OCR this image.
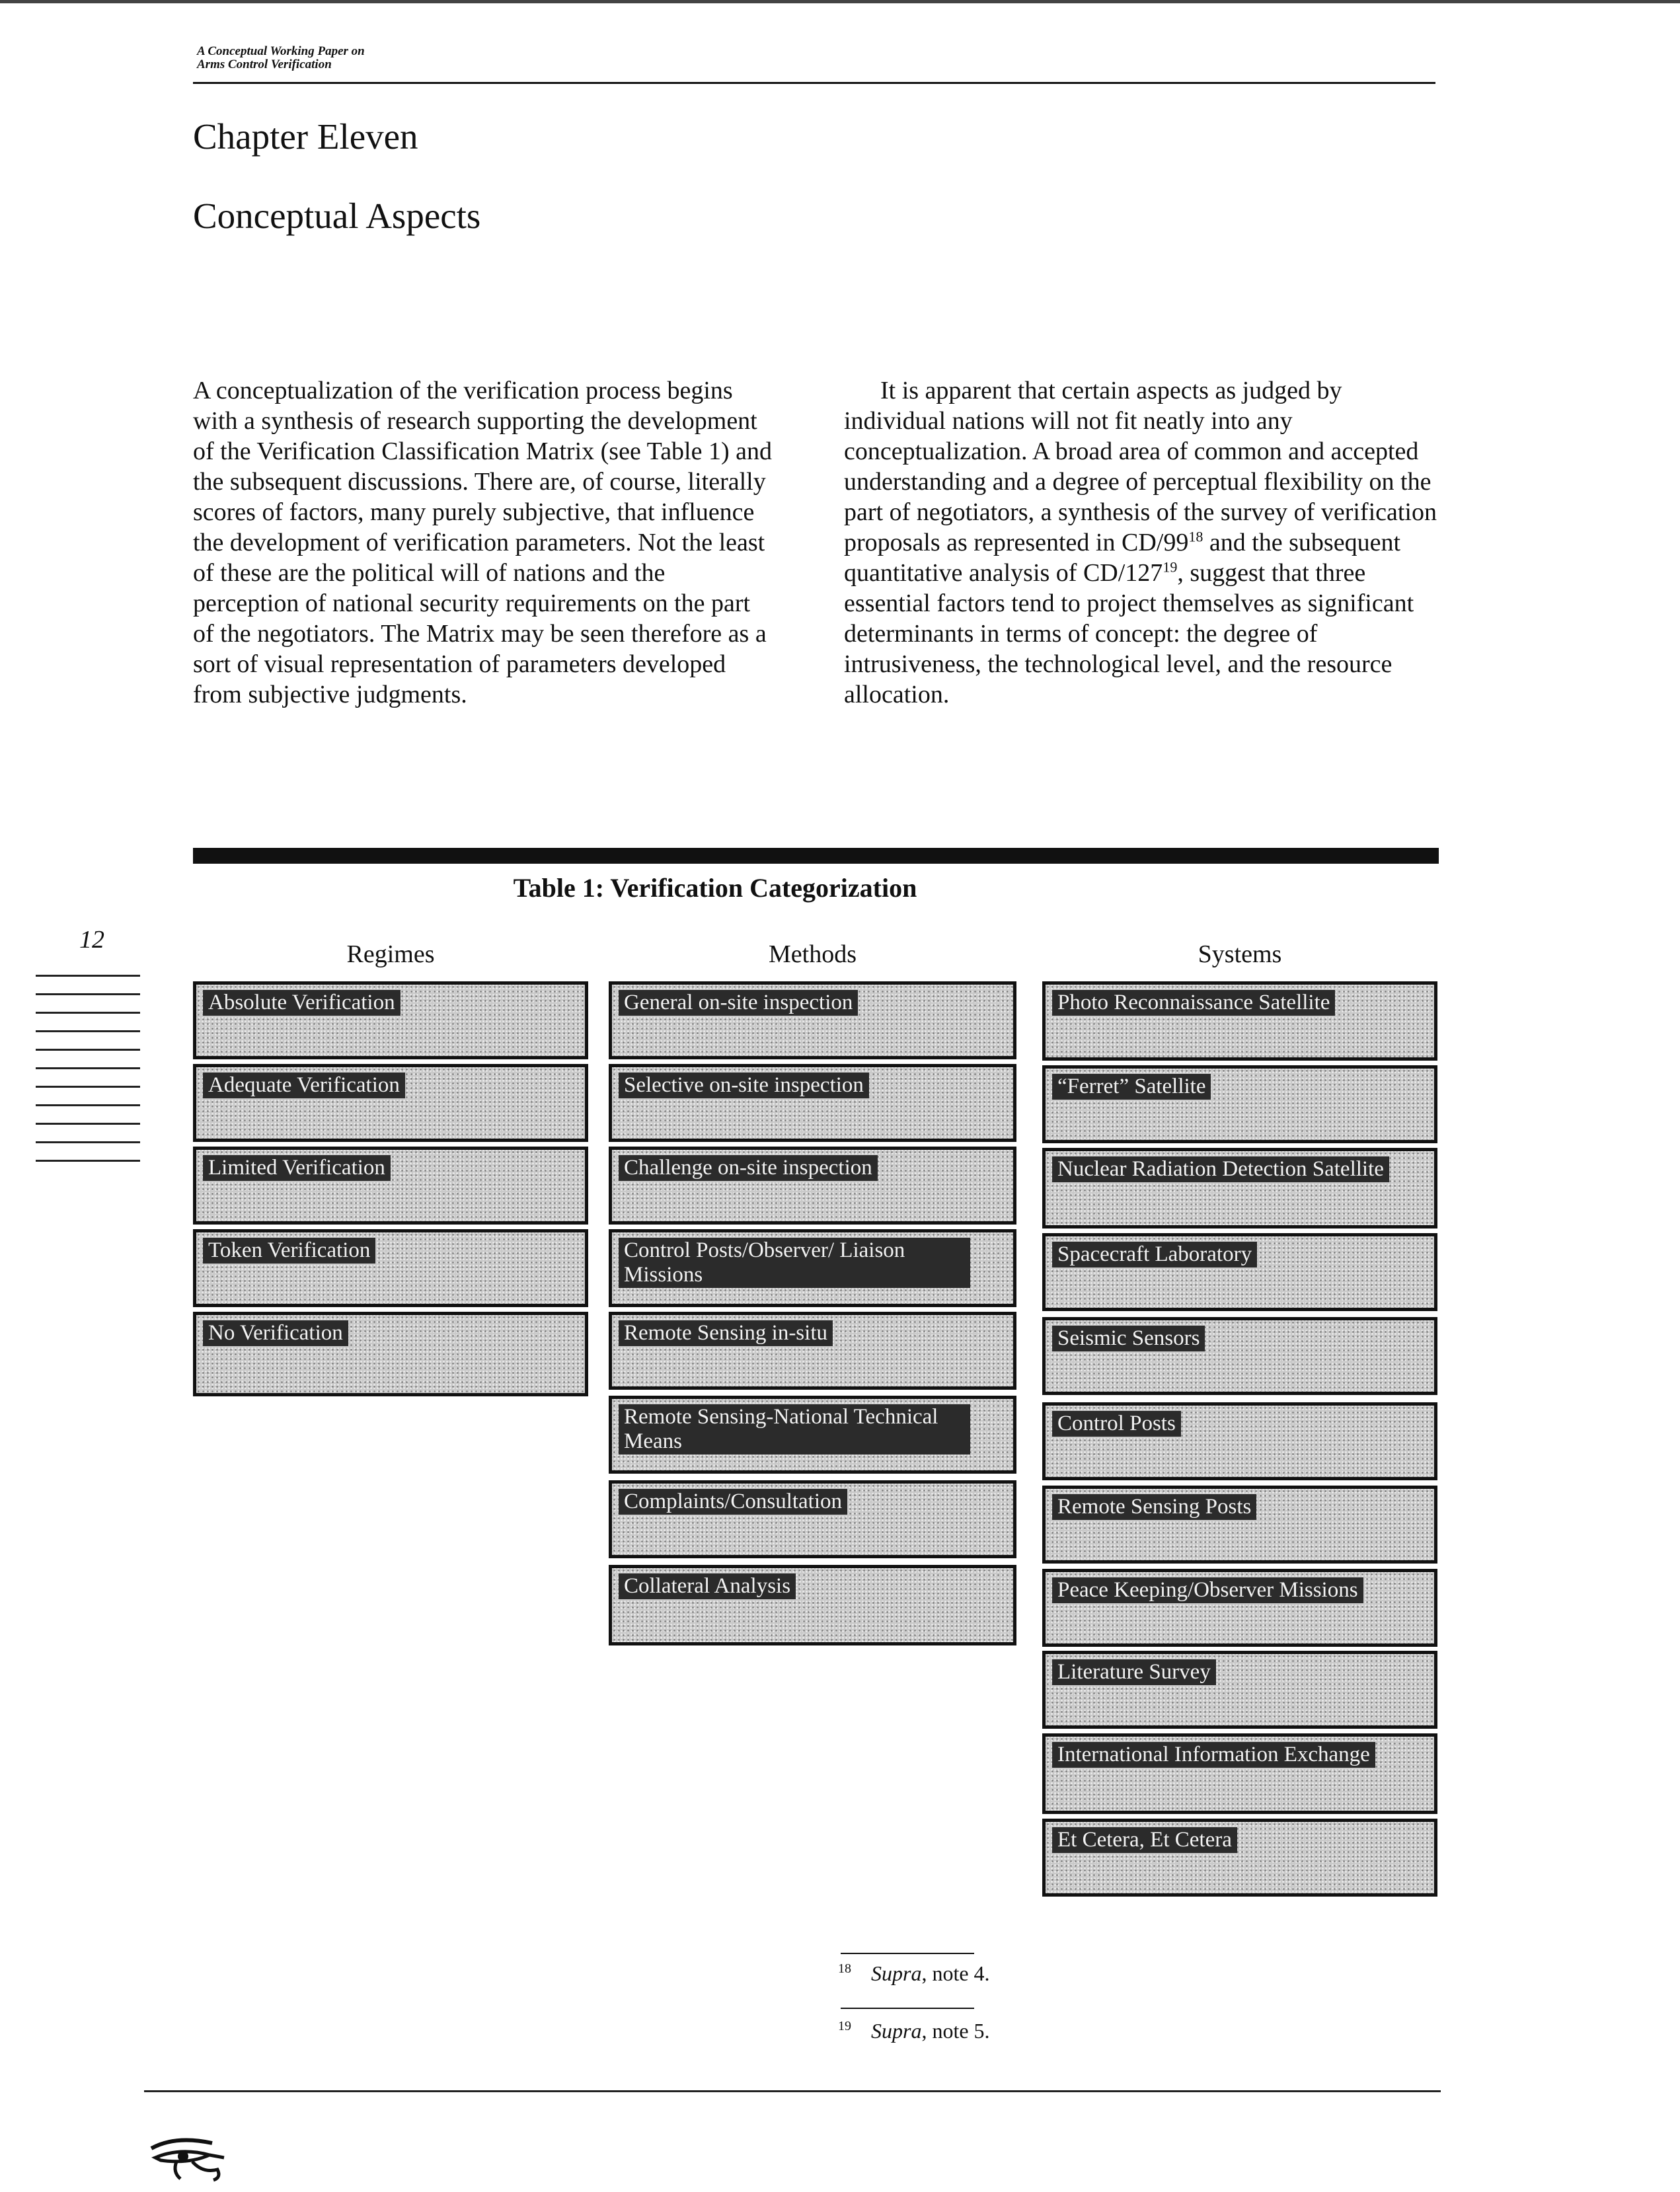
A Conceptual Working Paper on
Arms Control Verification
Chapter Eleven
Conceptual Aspects

A conceptualization of the verification process begins with a synthesis of research supporting the development of the Verification Classification Matrix (see Table 1) and the subsequent discussions. There are, of course, literally scores of factors, many purely subjective, that influence the development of verification parameters. Not the least of these are the political will of nations and the perception of national security requirements on the part of the negotiators. The Matrix may be seen therefore as a sort of visual representation of parameters developed from subjective judgments.

It is apparent that certain aspects as judged by individual nations will not fit neatly into any conceptualization. A broad area of common and accepted understanding and a degree of perceptual flexibility on the part of negotiators, a synthesis of the survey of verification proposals as represented in $CD/99^{18}$ and the subsequent quantitative analysis of $CD/127^{19}$, suggest that three essential factors tend to project themselves as significant determinants in terms of concept: the degree of intrusiveness, the technological level, and the resource allocation.

Table 1: Verification Categorization
12
Regimes	Methods	Systems
Absolute Verification
Adequate Verification
Limited Verification
Token Verification
No Verification
General on-site inspection
Selective on-site inspection
Challenge on-site inspection
Control Posts/Observer/ Liaison Missions
Remote Sensing in-situ
Remote Sensing-National Technical Means
Complaints/Consultation
Collateral Analysis
Photo Reconnaissance Satellite
“Ferret” Satellite
Nuclear Radiation Detection Satellite
Spacecraft Laboratory
Seismic Sensors
Control Posts
Remote Sensing Posts
Peace Keeping/Observer Missions
Literature Survey
International Information Exchange
Et Cetera, Et Cetera
$^{18}$ Supra, note 4.
$^{19}$ Supra, note 5.
